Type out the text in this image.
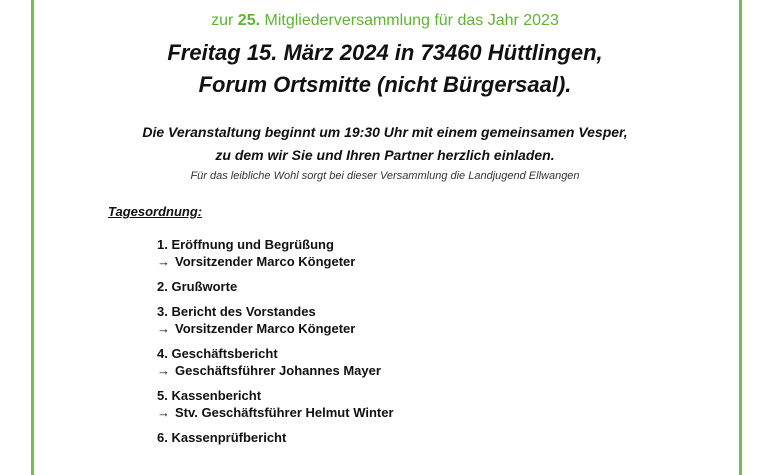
zur 25. Mitgliederversammlung für das Jahr 2023
Freitag 15. März 2024 in 73460 Hüttlingen,
Forum Ortsmitte (nicht Bürgersaal).
Die Veranstaltung beginnt um 19:30 Uhr mit einem gemeinsamen Vesper,
zu dem wir Sie und Ihren Partner herzlich einladen.
Für das leibliche Wohl sorgt bei dieser Versammlung die Landjugend Ellwangen
Tagesordnung:
1. Eröffnung und Begrüßung
→ Vorsitzender Marco Köngeter
2. Grußworte
3. Bericht des Vorstandes
→ Vorsitzender Marco Köngeter
4. Geschäftsbericht
→ Geschäftsführer Johannes Mayer
5. Kassenbericht
→ Stv. Geschäftsführer Helmut Winter
6. Kassenprüfbericht
